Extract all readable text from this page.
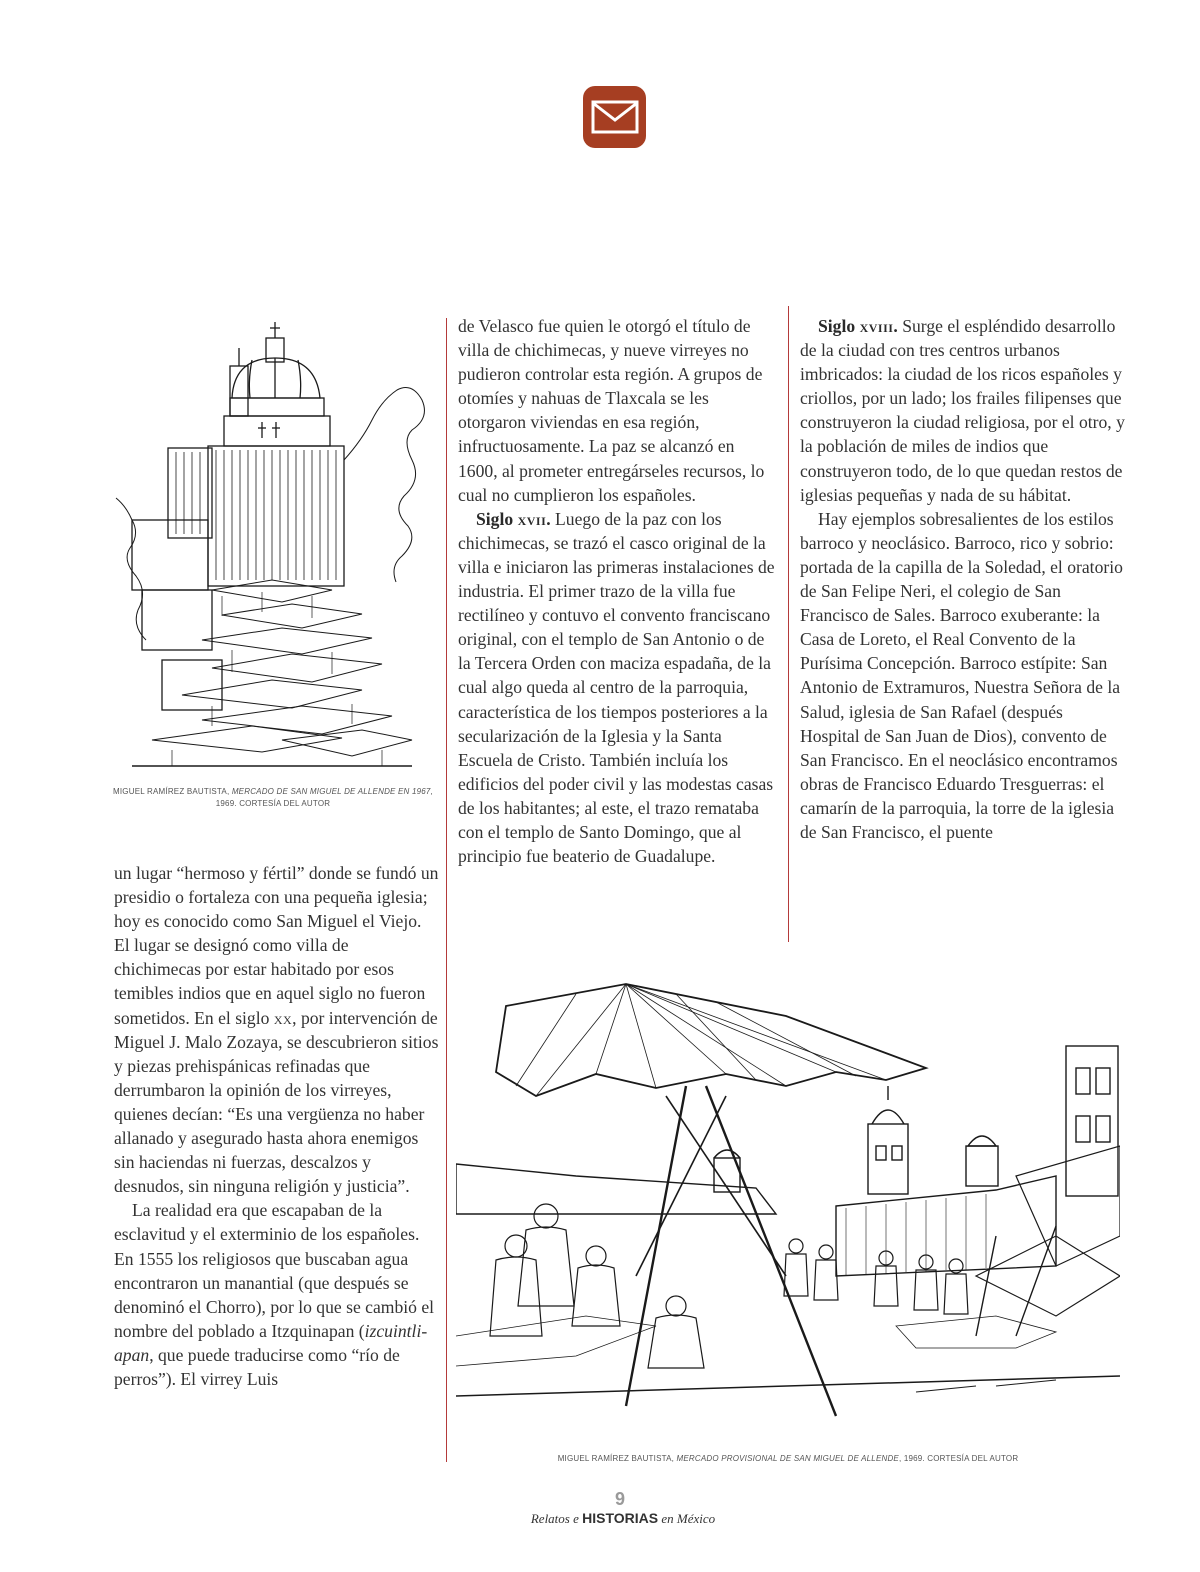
MIGUEL RAMÍREZ BAUTISTA, MERCADO DE SAN MIGUEL DE ALLENDE EN 1967, 1969. CORTESÍA DEL AUTOR

un lugar “hermoso y fértil” donde se fundó un presidio o fortaleza con una pequeña iglesia; hoy es conocido como San Miguel el Viejo. El lugar se designó como villa de chichimecas por estar habitado por esos temibles indios que en aquel siglo no fueron sometidos. En el siglo xx, por intervención de Miguel J. Malo Zozaya, se descubrieron sitios y piezas prehispánicas refinadas que derrumbaron la opinión de los virreyes, quienes decían: “Es una vergüenza no haber allanado y asegurado hasta ahora enemigos sin haciendas ni fuerzas, descalzos y desnudos, sin ninguna religión y justicia”.

La realidad era que escapaban de la esclavitud y el exterminio de los españoles. En 1555 los religiosos que buscaban agua encontraron un manantial (que después se denominó el Chorro), por lo que se cambió el nombre del poblado a Itzquinapan (izcuintli-apan, que puede traducirse como “río de perros”). El virrey Luis

de Velasco fue quien le otorgó el título de villa de chichimecas, y nueve virreyes no pudieron controlar esta región. A grupos de otomíes y nahuas de Tlaxcala se les otorgaron viviendas en esa región, infructuosamente. La paz se alcanzó en 1600, al prometer entregárseles recursos, lo cual no cumplieron los españoles.

Siglo xvii. Luego de la paz con los chichimecas, se trazó el casco original de la villa e iniciaron las primeras instalaciones de industria. El primer trazo de la villa fue rectilíneo y contuvo el convento franciscano original, con el templo de San Antonio o de la Tercera Orden con maciza espadaña, de la cual algo queda al centro de la parroquia, característica de los tiempos posteriores a la secularización de la Iglesia y la Santa Escuela de Cristo. También incluía los edificios del poder civil y las modestas casas de los habitantes; al este, el trazo remataba con el templo de Santo Domingo, que al principio fue beaterio de Guadalupe.

Siglo xviii. Surge el espléndido desarrollo de la ciudad con tres centros urbanos imbricados: la ciudad de los ricos españoles y criollos, por un lado; los frailes filipenses que construyeron la ciudad religiosa, por el otro, y la población de miles de indios que construyeron todo, de lo que quedan restos de iglesias pequeñas y nada de su hábitat.

Hay ejemplos sobresalientes de los estilos barroco y neoclásico. Barroco, rico y sobrio: portada de la capilla de la Soledad, el oratorio de San Felipe Neri, el colegio de San Francisco de Sales. Barroco exuberante: la Casa de Loreto, el Real Convento de la Purísima Concepción. Barroco estípite: San Antonio de Extramuros, Nuestra Señora de la Salud, iglesia de San Rafael (después Hospital de San Juan de Dios), convento de San Francisco. En el neoclásico encontramos obras de Francisco Eduardo Tresguerras: el camarín de la parroquia, la torre de la iglesia de San Francisco, el puente

MIGUEL RAMÍREZ BAUTISTA, MERCADO PROVISIONAL DE SAN MIGUEL DE ALLENDE, 1969. CORTESÍA DEL AUTOR
9
Relatos e HISTORIAS en México
